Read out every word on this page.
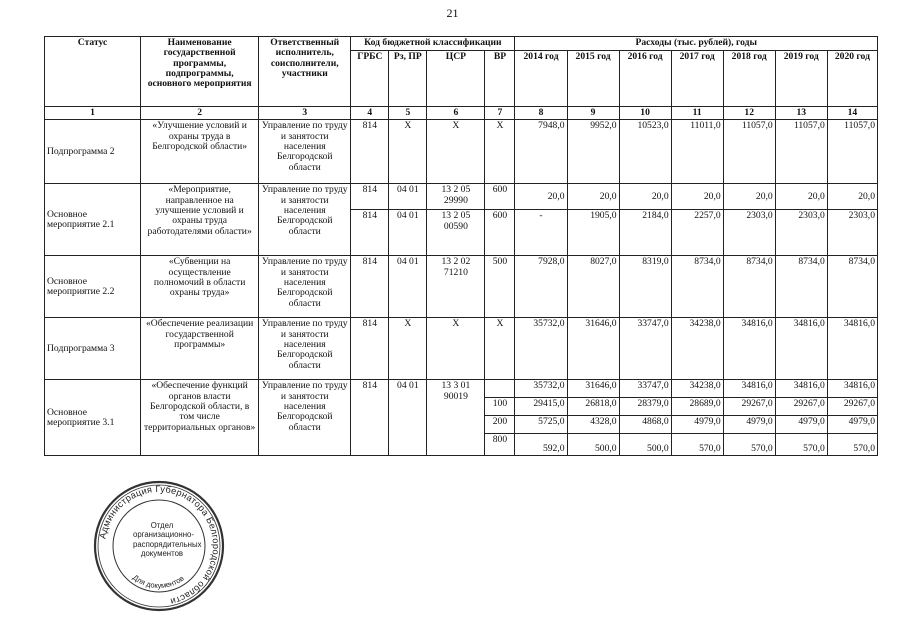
21
Статус	Наименование государственной программы, подпрограммы, основного мероприятия	Ответственный исполнитель, соисполнители, участники	Код бюджетной классификации				Расходы (тыс. рублей), годы						
			ГРБС	Рз, ПР	ЦСР	ВР	2014 год	2015 год	2016 год	2017 год	2018 год	2019 год	2020 год
1	2	3	4	5	6	7	8	9	10	11	12	13	14
Подпрограмма 2	«Улучшение условий и охраны труда в Белгородской области»	Управление по труду и занятости населения Белгородской области	814	Х	Х	Х	7948,0	9952,0	10523,0	11011,0	11057,0	11057,0	11057,0
Основное мероприятие 2.1	«Мероприятие, направленное на улучшение условий и охраны труда работодателями области»	Управление по труду и занятости населения Белгородской области	814	04 01	13 2 05 29990	600	20,0	20,0	20,0	20,0	20,0	20,0	20,0
			814	04 01	13 2 05 00590	600	-	1905,0	2184,0	2257,0	2303,0	2303,0	2303,0
Основное мероприятие 2.2	«Субвенции на осуществление полномочий в области охраны труда»	Управление по труду и занятости населения Белгородской области	814	04 01	13 2 02 71210	500	7928,0	8027,0	8319,0	8734,0	8734,0	8734,0	8734,0
Подпрограмма 3	«Обеспечение реализации государственной программы»	Управление по труду и занятости населения Белгородской области	814	Х	Х	Х	35732,0	31646,0	33747,0	34238,0	34816,0	34816,0	34816,0
Основное мероприятие 3.1	«Обеспечение функций органов власти Белгородской области, в том числе территориальных органов»	Управление по труду и занятости населения Белгородской области	814	04 01	13 3 01 90019		35732,0	31646,0	33747,0	34238,0	34816,0	34816,0	34816,0
						100	29415,0	26818,0	28379,0	28689,0	29267,0	29267,0	29267,0
						200	5725,0	4328,0	4868,0	4979,0	4979,0	4979,0	4979,0
						800	592,0	500,0	500,0	570,0	570,0	570,0	570,0
Администрация Губернатора Белгородской области
Для документов
Отдел
организационно-
распорядительных
документов
